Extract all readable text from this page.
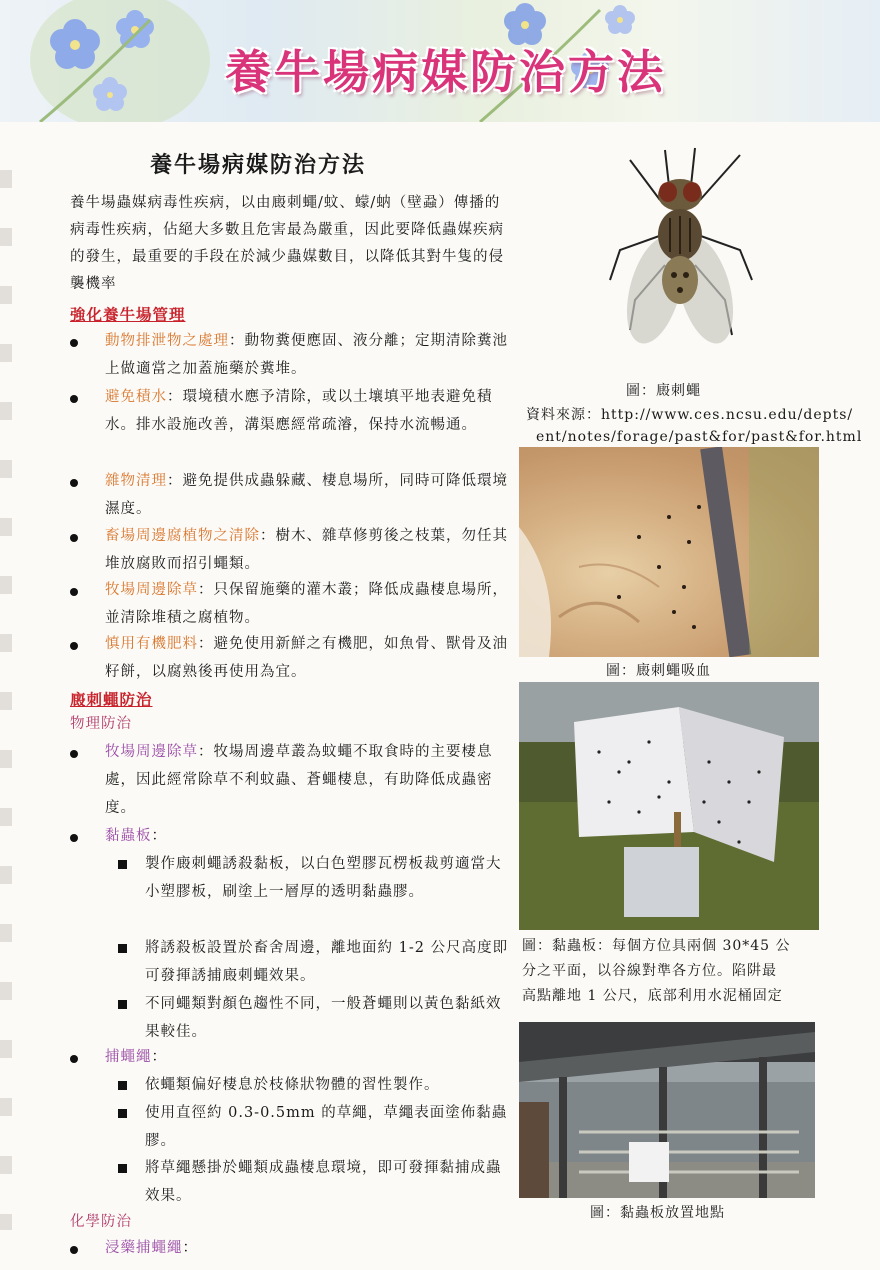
養牛場病媒防治方法
養牛場病媒防治方法
養牛場蟲媒病毒性疾病，以由廄刺蠅/蚊、蠓/蚋（壁蝨）傳播的病毒性疾病，佔絕大多數且危害最為嚴重，因此要降低蟲媒疾病的發生，最重要的手段在於減少蟲媒數目，以降低其對牛隻的侵襲機率
強化養牛場管理
動物排泄物之處理：動物糞便應固、液分離；定期清除糞池上做適當之加蓋施藥於糞堆。
避免積水：環境積水應予清除，或以土壤填平地表避免積水。排水設施改善，溝渠應經常疏濬，保持水流暢通。
雜物清理：避免提供成蟲躲藏、棲息場所，同時可降低環境濕度。
畜場周邊腐植物之清除：樹木、雜草修剪後之枝葉，勿任其堆放腐敗而招引蠅類。
牧場周邊除草：只保留施藥的灌木叢；降低成蟲棲息場所，並清除堆積之腐植物。
慎用有機肥料：避免使用新鮮之有機肥，如魚骨、獸骨及油籽餅，以腐熟後再使用為宜。
廄刺蠅防治
物理防治
牧場周邊除草：牧場周邊草叢為蚊蠅不取食時的主要棲息處，因此經常除草不利蚊蟲、蒼蠅棲息，有助降低成蟲密度。
黏蟲板：
製作廄刺蠅誘殺黏板，以白色塑膠瓦楞板裁剪適當大小塑膠板，刷塗上一層厚的透明黏蟲膠。
將誘殺板設置於畜舍周邊，離地面約 1-2 公尺高度即可發揮誘捕廄刺蠅效果。
不同蠅類對顏色趨性不同，一般蒼蠅則以黃色黏紙效果較佳。
捕蠅繩：
依蠅類偏好棲息於枝條狀物體的習性製作。
使用直徑約 0.3-0.5mm 的草繩，草繩表面塗佈黏蟲膠。
將草繩懸掛於蠅類成蟲棲息環境，即可發揮黏捕成蟲效果。
化學防治
浸藥捕蠅繩：
圖：廄刺蠅
資料來源：http://www.ces.ncsu.edu/depts/
ent/notes/forage/past&for/past&for.html
圖：廄刺蠅吸血
圖：黏蟲板：每個方位具兩個 30*45 公
分之平面，以谷線對準各方位。陷阱最
高點離地 1 公尺，底部利用水泥桶固定
圖：黏蟲板放置地點
